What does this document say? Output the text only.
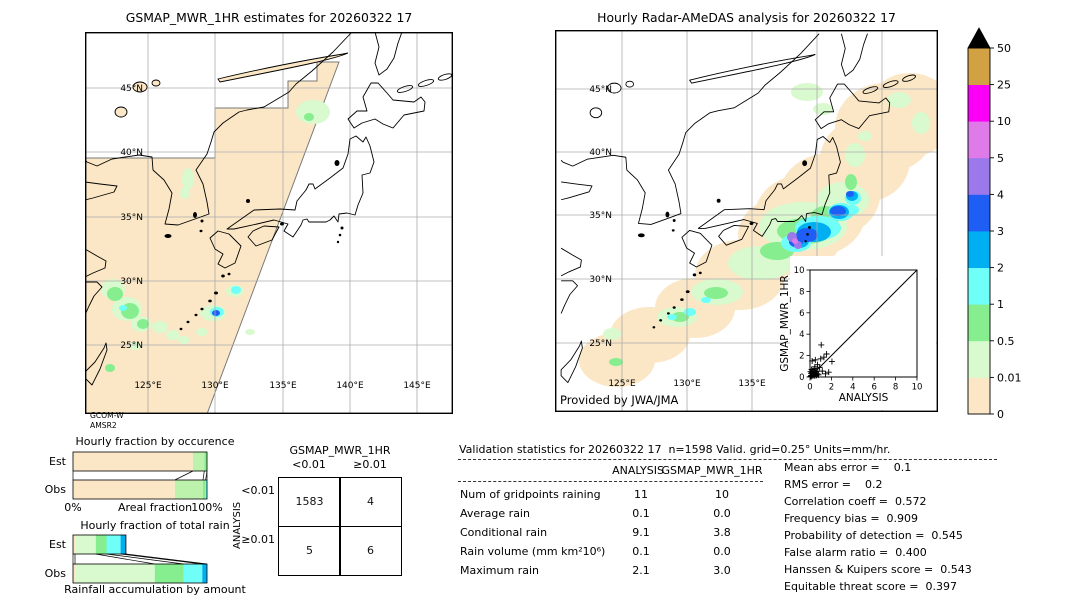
GSMAP_MWR_1HR estimates for 20260322 17	Hourly Radar-AMeDAS analysis for 20260322 17
45°N
40°N
35°N
30°N
25°N
125°E	130°E	135°E	140°E	145°E
GCOM-W
AMSR2
0
0
2
2
4
4
6
6
8
8
10
10
ANALYSIS
GSMAP_MWR_1HR
45°N
40°N
35°N
30°N
25°N
125°E	130°E	135°E
Provided by JWA/JMA
0
0.01
0.5
1
2
3
4
5
10
25
50
Hourly fraction by occurence
Est
Obs
0%	Areal fraction 100%
Hourly fraction of total rain
Est
Obs
Rainfall accumulation by amount
GSMAP_MWR_1HR
<0.01	≥0.01
ANALYSIS
<0.01
≥0.01
1583	4
5	6
Validation statistics for 20260322 17  n=1598 Valid. grid=0.25° Units=mm/hr.
ANALYSIS
GSMAP_MWR_1HR
Num of gridpoints raining	11	10
Average rain	0.1	0.0
Conditional rain	9.1	3.8
Rain volume (mm km²10⁶)	0.1	0.0
Maximum rain	2.1	3.0
Mean abs error =    0.1
RMS error =    0.2
Correlation coeff =  0.572
Frequency bias =  0.909
Probability of detection =  0.545
False alarm ratio =  0.400
Hanssen & Kuipers score =  0.543
Equitable threat score =  0.397
